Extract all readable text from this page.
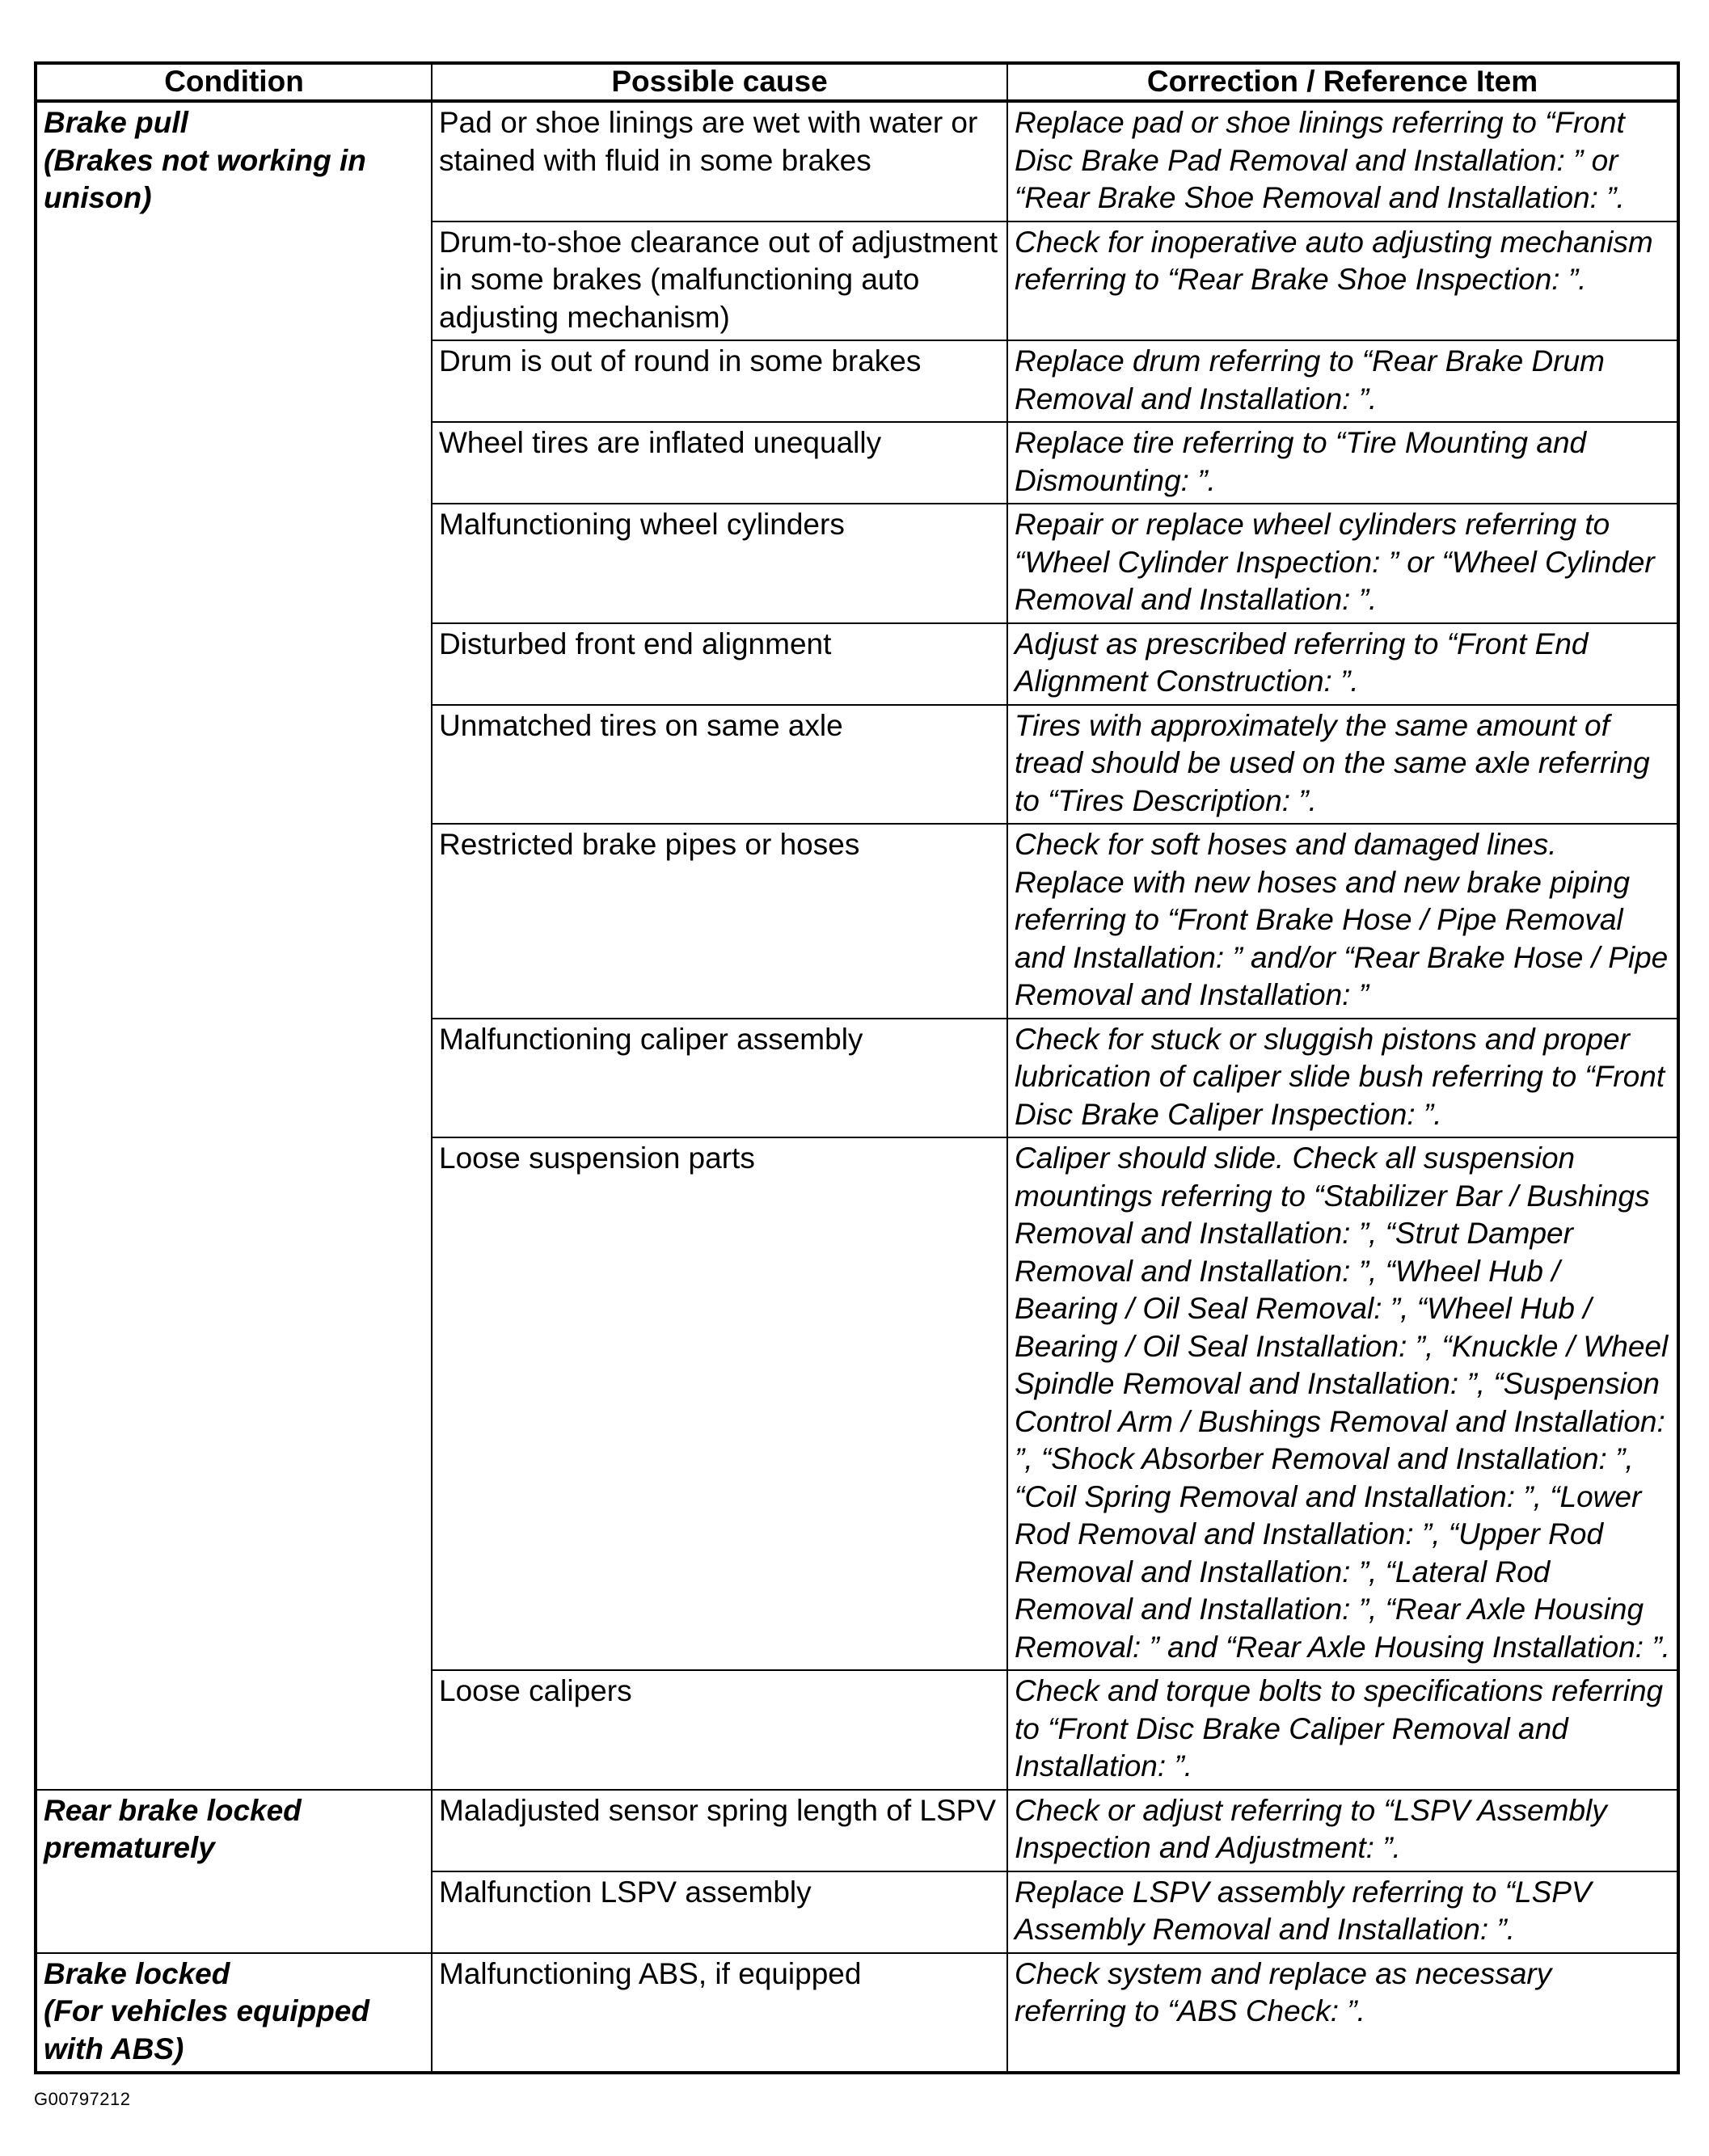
Condition	Possible cause	Correction / Reference Item

Brake pull
(Brakes not working in
unison)	Pad or shoe linings are wet with water or stained with fluid in some brakes	Replace pad or shoe linings referring to “Front Disc Brake Pad Removal and Installation: ” or “Rear Brake Shoe Removal and Installation: ”.
	Drum-to-shoe clearance out of adjustment in some brakes (malfunctioning auto adjusting mechanism)	Check for inoperative auto adjusting mechanism referring to “Rear Brake Shoe Inspection: ”.
	Drum is out of round in some brakes	Replace drum referring to “Rear Brake Drum Removal and Installation: ”.
	Wheel tires are inflated unequally	Replace tire referring to “Tire Mounting and Dismounting: ”.
	Malfunctioning wheel cylinders	Repair or replace wheel cylinders referring to “Wheel Cylinder Inspection: ” or “Wheel Cylinder Removal and Installation: ”.
	Disturbed front end alignment	Adjust as prescribed referring to “Front End Alignment Construction: ”.
	Unmatched tires on same axle	Tires with approximately the same amount of tread should be used on the same axle referring to “Tires Description: ”.
	Restricted brake pipes or hoses	Check for soft hoses and damaged lines. Replace with new hoses and new brake piping referring to “Front Brake Hose / Pipe Removal and Installation: ” and/or “Rear Brake Hose / Pipe Removal and Installation: ”
	Malfunctioning caliper assembly	Check for stuck or sluggish pistons and proper lubrication of caliper slide bush referring to “Front Disc Brake Caliper Inspection: ”.
	Loose suspension parts	Caliper should slide. Check all suspension mountings referring to “Stabilizer Bar / Bushings Removal and Installation: ”, “Strut Damper Removal and Installation: ”, “Wheel Hub / Bearing / Oil Seal Removal: ”, “Wheel Hub / Bearing / Oil Seal Installation: ”, “Knuckle / Wheel Spindle Removal and Installation: ”, “Suspension Control Arm / Bushings Removal and Installation: ”, “Shock Absorber Removal and Installation: ”, “Coil Spring Removal and Installation: ”, “Lower Rod Removal and Installation: ”, “Upper Rod Removal and Installation: ”, “Lateral Rod Removal and Installation: ”, “Rear Axle Housing Removal: ” and “Rear Axle Housing Installation: ”.
	Loose calipers	Check and torque bolts to specifications referring to “Front Disc Brake Caliper Removal and Installation: ”.

Rear brake locked
prematurely	Maladjusted sensor spring length of LSPV	Check or adjust referring to “LSPV Assembly Inspection and Adjustment: ”.
	Malfunction LSPV assembly	Replace LSPV assembly referring to “LSPV Assembly Removal and Installation: ”.

Brake locked
(For vehicles equipped
with ABS)	Malfunctioning ABS, if equipped	Check system and replace as necessary referring to “ABS Check: ”.
G00797212
